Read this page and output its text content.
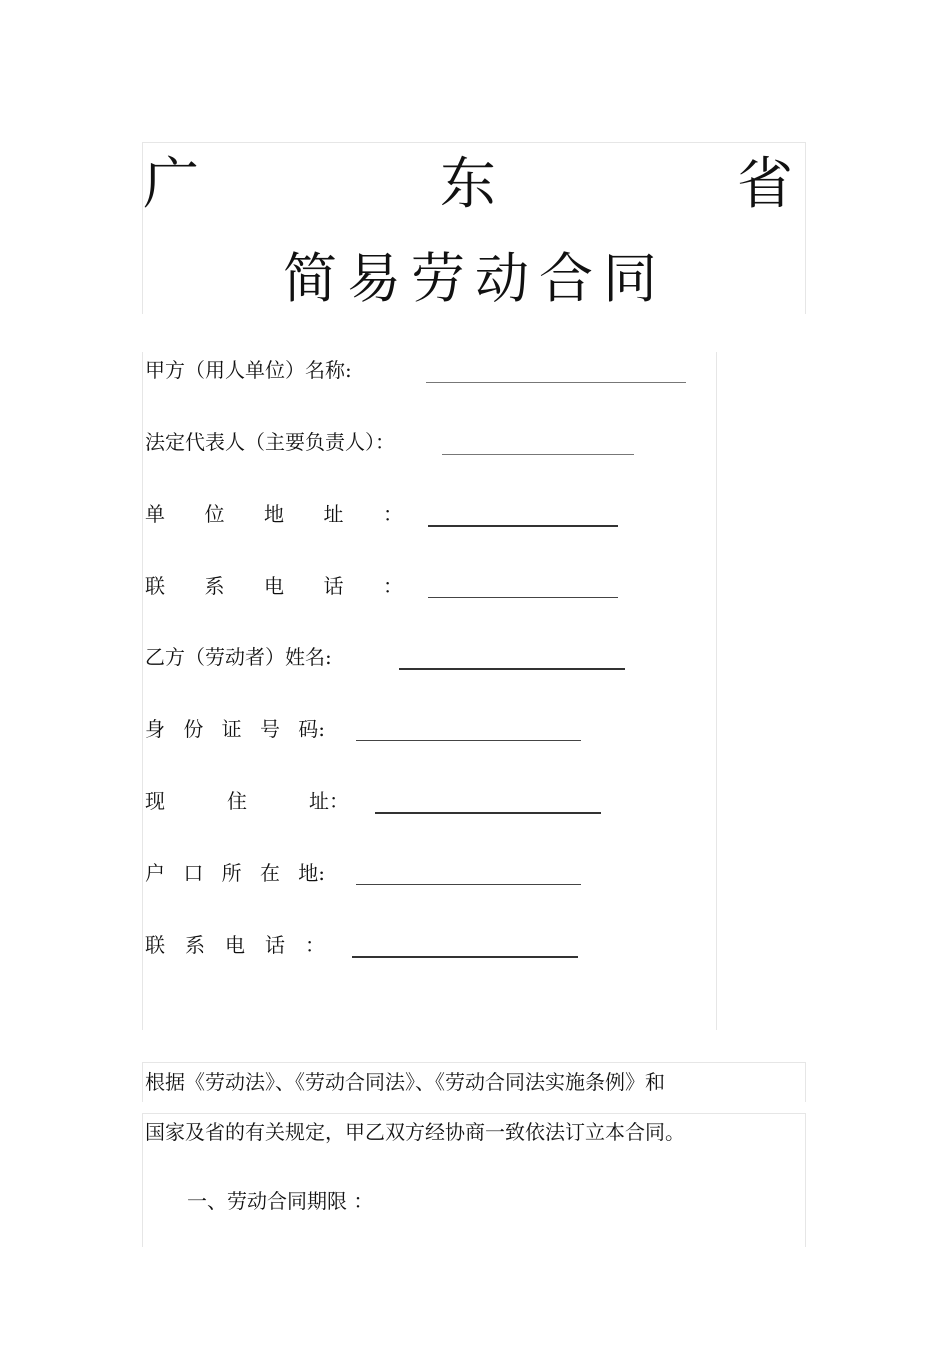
广	东	省
简易劳动合同
甲方（用人单位）名称:
法定代表人（主要负责人）：
单 位 地 址 ：
联 系 电 话 ：
乙方（劳动者）姓名:
身 份 证 号 码:
现	住	址：
户 口 所 在 地:
联 系 电 话 ：
根据《劳动法》、《劳动合同法》、《劳动合同法实施条例》和
国家及省的有关规定，甲乙双方经协商一致依法订立本合同。
一、劳动合同期限 ：
